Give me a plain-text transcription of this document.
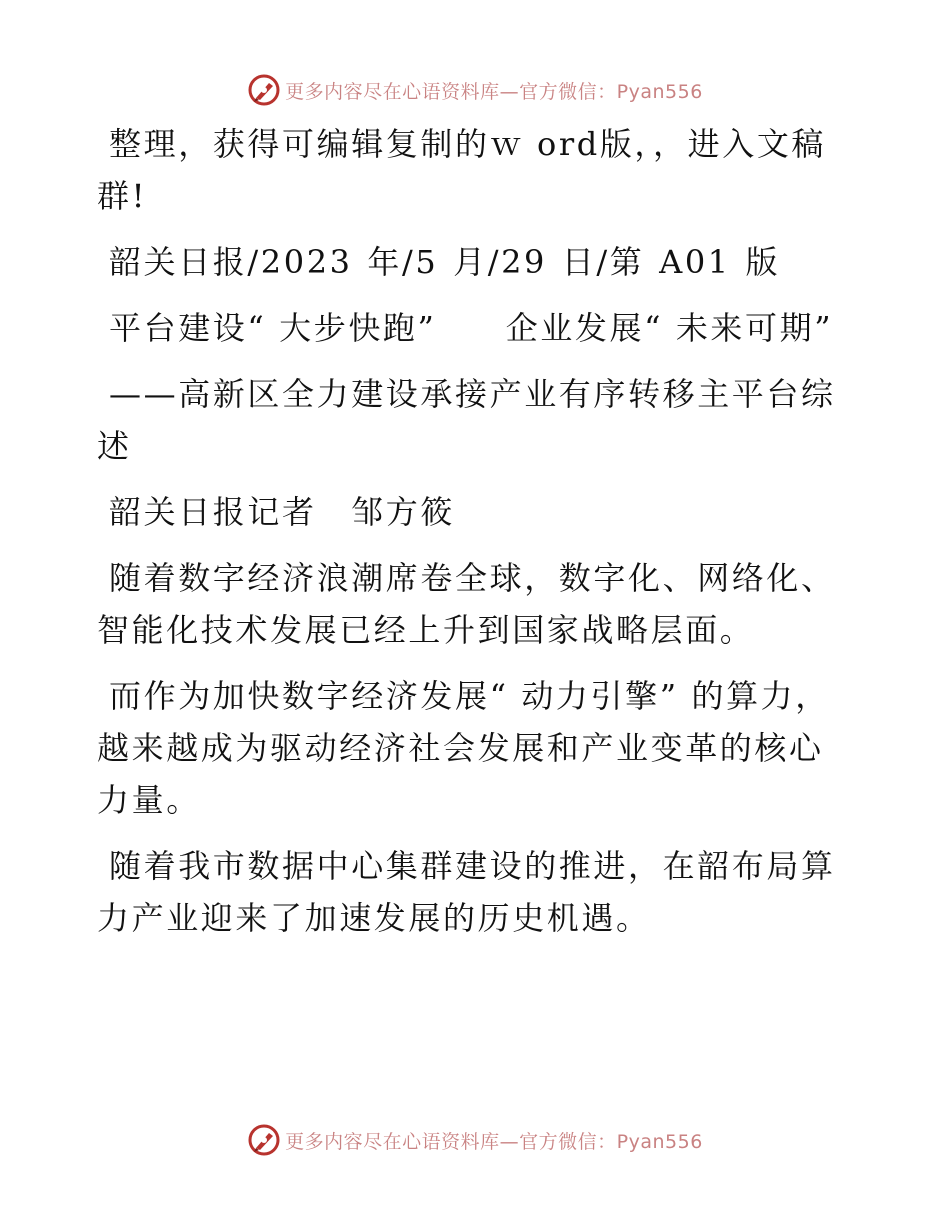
更多内容尽在心语资料库—官方微信：Pyan556

整理，获得可编辑复制的ｗ ord版，，进入文稿群!

韶关日报/2023 年/5 月/29 日/第 A01 版

平台建设“ 大步快跑”　　企业发展“ 未来可期”

——高新区全力建设承接产业有序转移主平台综述

韶关日报记者　邹方筱

随着数字经济浪潮席卷全球，数字化、网络化、智能化技术发展已经上升到国家战略层面。

而作为加快数字经济发展“ 动力引擎” 的算力，越来越成为驱动经济社会发展和产业变革的核心力量。

随着我市数据中心集群建设的推进，在韶布局算力产业迎来了加速发展的历史机遇。

更多内容尽在心语资料库—官方微信：Pyan556
